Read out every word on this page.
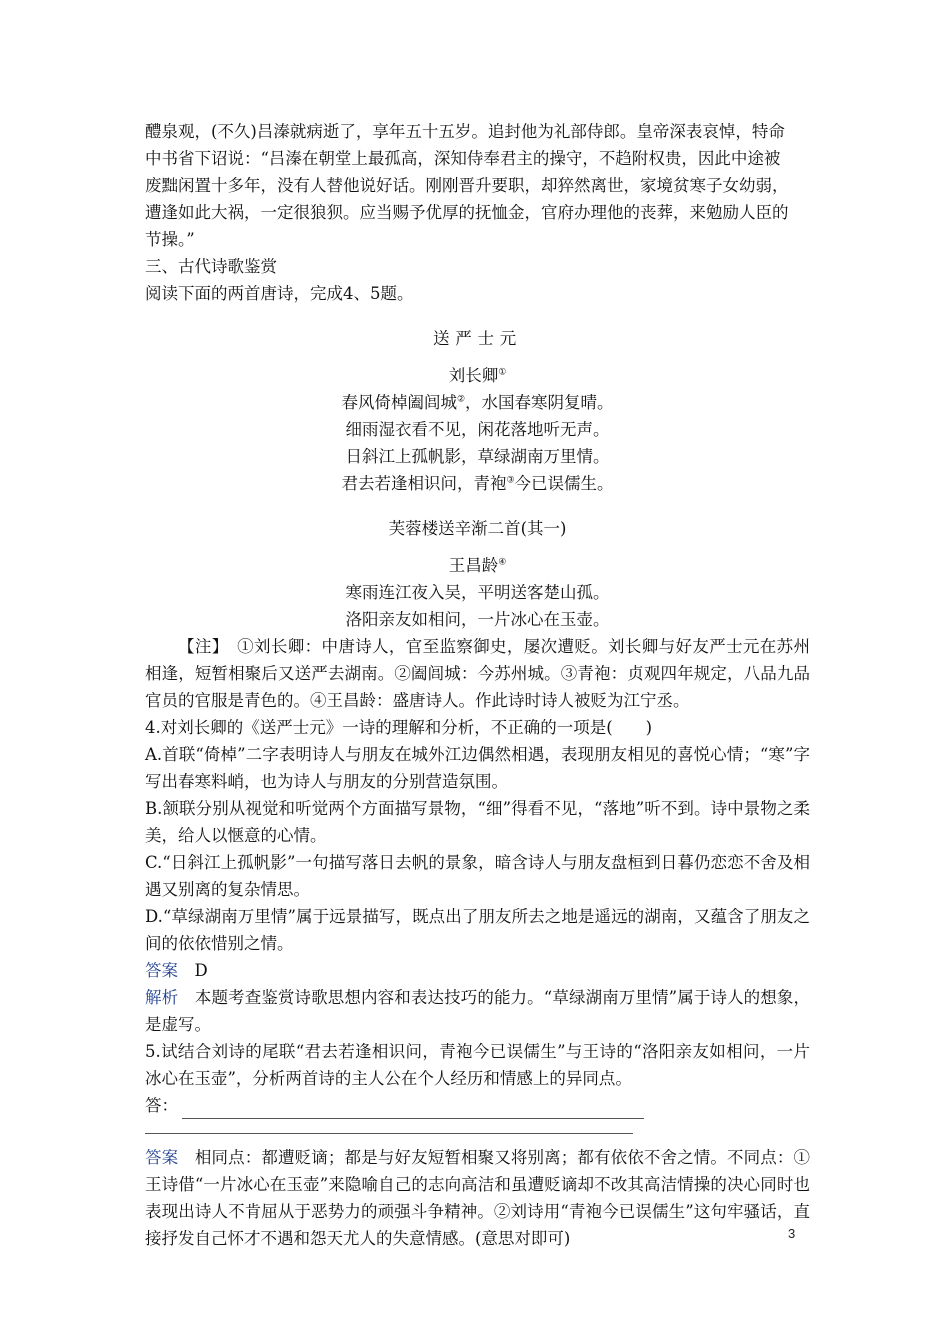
醴泉观，(不久)吕溱就病逝了，享年五十五岁。追封他为礼部侍郎。皇帝深表哀悼，特命

中书省下诏说：“吕溱在朝堂上最孤高，深知侍奉君主的操守，不趋附权贵，因此中途被

废黜闲置十多年，没有人替他说好话。刚刚晋升要职，却猝然离世，家境贫寒子女幼弱，

遭逢如此大祸，一定很狼狈。应当赐予优厚的抚恤金，官府办理他的丧葬，来勉励人臣的

节操。”

三、古代诗歌鉴赏

阅读下面的两首唐诗，完成4、5题。

送严士元

刘长卿①

春风倚棹阖闾城②，水国春寒阴复晴。

细雨湿衣看不见，闲花落地听无声。

日斜江上孤帆影，草绿湖南万里情。

君去若逢相识问，青袍③今已误儒生。

芙蓉楼送辛渐二首(其一)

王昌龄④

寒雨连江夜入吴，平明送客楚山孤。

洛阳亲友如相问，一片冰心在玉壶。

【注】　①刘长卿：中唐诗人，官至监察御史，屡次遭贬。刘长卿与好友严士元在苏州相逢，短暂相聚后又送严去湖南。②阖闾城：今苏州城。③青袍：贞观四年规定，八品九品官员的官服是青色的。④王昌龄：盛唐诗人。作此诗时诗人被贬为江宁丞。

4.对刘长卿的《送严士元》一诗的理解和分析，不正确的一项是(　　)

A.首联“倚棹”二字表明诗人与朋友在城外江边偶然相遇，表现朋友相见的喜悦心情；“寒”字写出春寒料峭，也为诗人与朋友的分别营造氛围。

B.颔联分别从视觉和听觉两个方面描写景物，“细”得看不见，“落地”听不到。诗中景物之柔美，给人以惬意的心情。

C.“日斜江上孤帆影”一句描写落日去帆的景象，暗含诗人与朋友盘桓到日暮仍恋恋不舍及相遇又别离的复杂情思。

D.“草绿湖南万里情”属于远景描写，既点出了朋友所去之地是遥远的湖南，又蕴含了朋友之间的依依惜别之情。

答案　 D

解析　 本题考查鉴赏诗歌思想内容和表达技巧的能力。“草绿湖南万里情”属于诗人的想象，是虚写。

5.试结合刘诗的尾联“君去若逢相识问，青袍今已误儒生”与王诗的“洛阳亲友如相问，一片冰心在玉壶”，分析两首诗的主人公在个人经历和情感上的异同点。

答：

答案　 相同点：都遭贬谪；都是与好友短暂相聚又将别离；都有依依不舍之情。不同点：①王诗借“一片冰心在玉壶”来隐喻自己的志向高洁和虽遭贬谪却不改其高洁情操的决心同时也表现出诗人不肯屈从于恶势力的顽强斗争精神。②刘诗用“青袍今已误儒生”这句牢骚话，直接抒发自己怀才不遇和怨天尤人的失意情感。(意思对即可)	3
